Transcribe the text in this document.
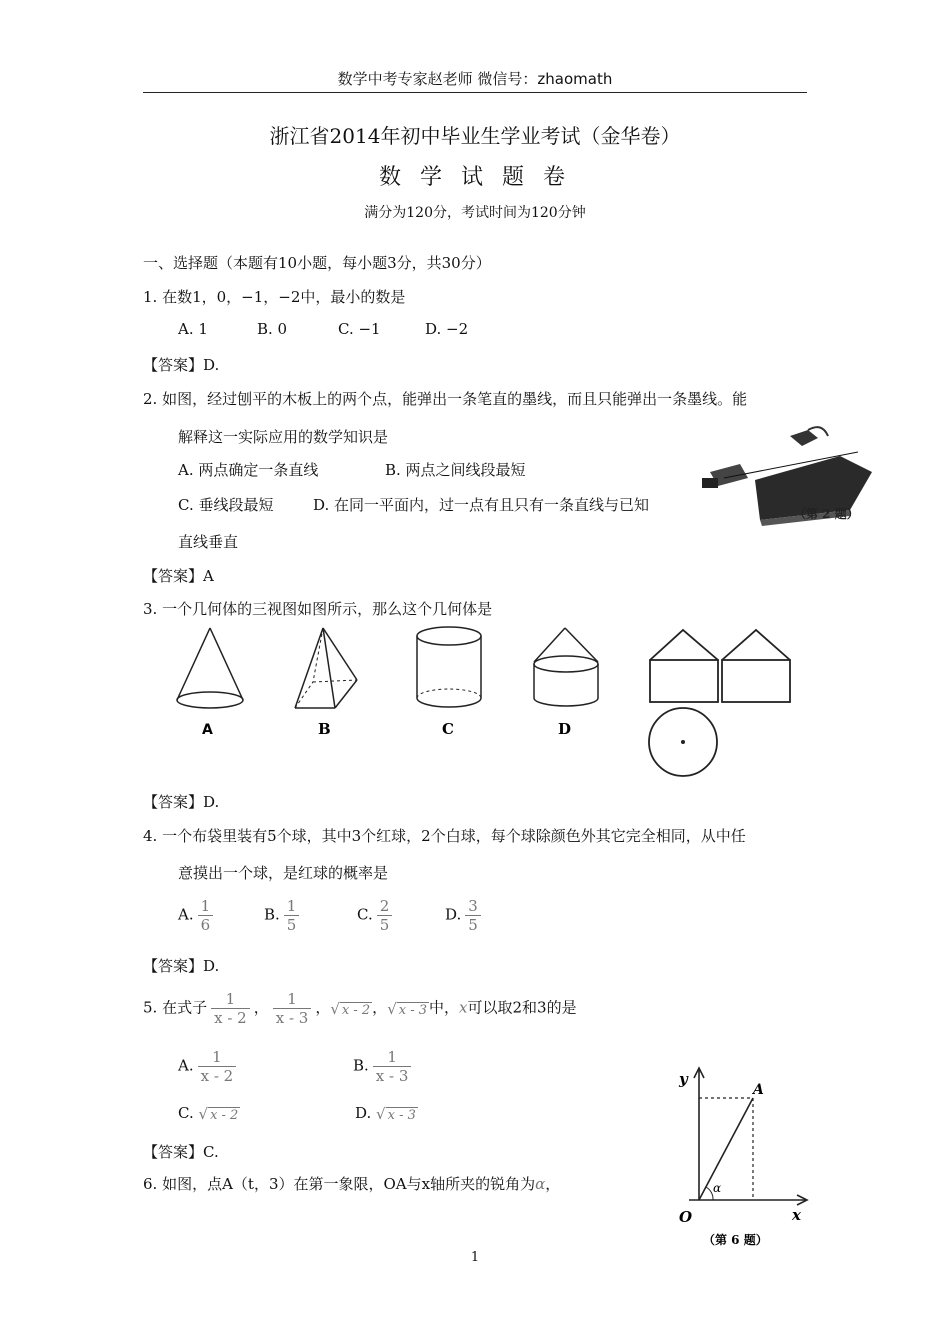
数学中考专家赵老师 微信号：zhaomath
浙江省2014年初中毕业生学业考试（金华卷）
数 学 试 题 卷
满分为120分，考试时间为120分钟
一、选择题（本题有10小题，每小题3分，共30分）
1. 在数1，0，−1，−2中，最小的数是
A. 1	B. 0	C. −1	D. −2
【答案】D.
2. 如图，经过刨平的木板上的两个点，能弹出一条笔直的墨线，而且只能弹出一条墨线。能
解释这一实际应用的数学知识是
A. 两点确定一条直线	B. 两点之间线段最短
C. 垂线段最短	D. 在同一平面内，过一点有且只有一条直线与已知
直线垂直
【答案】A
（第 2 题）
3. 一个几何体的三视图如图所示，那么这个几何体是
A	B	C	D
【答案】D.
4. 一个布袋里装有5个球，其中3个红球，2个白球，每个球除颜色外其它完全相同，从中任
意摸出一个球，是红球的概率是
A. $\frac{1}{6}$	B. $\frac{1}{5}$	C. $\frac{2}{5}$	D. $\frac{3}{5}$
【答案】D.
5. 在式子 $\frac{1}{x - 2}$ ， $\frac{1}{x - 3}$ ，√ x - 2 ，√ x - 3 中，x可以取2和3的是
A. $\frac{1}{x - 2}$	B. $\frac{1}{x - 3}$
C. √ x - 2	D. √ x - 3
【答案】C.
6. 如图，点A（t，3）在第一象限，OA与x轴所夹的锐角为α，
y
x
O
A
α
（第 6 题）
1
